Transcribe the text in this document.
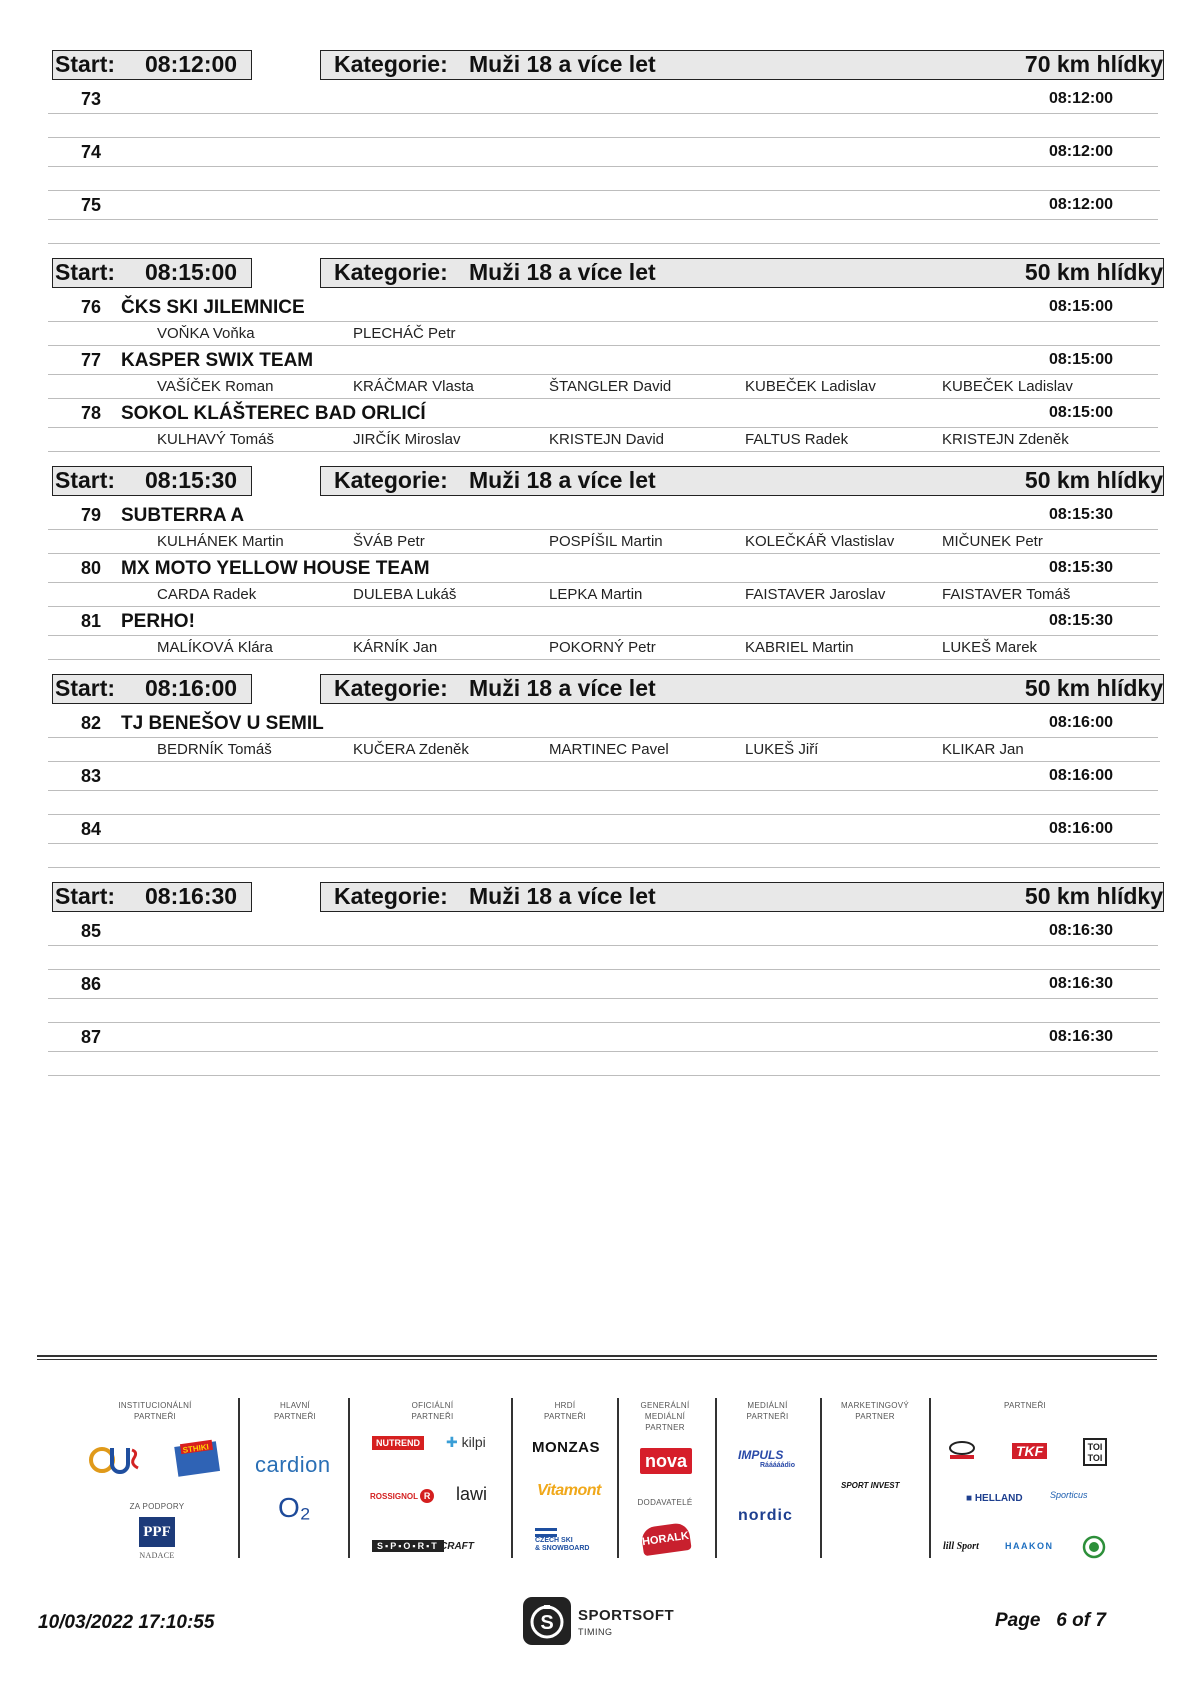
Start: 08:12:00	Kategorie: Muži 18 a více let	70 km hlídky
73	08:12:00
74	08:12:00
75	08:12:00
Start: 08:15:00	Kategorie: Muži 18 a více let	50 km hlídky
76 ČKS SKI JILEMNICE	08:15:00
VOŇKA Voňka	PLECHÁČ Petr
77 KASPER SWIX TEAM	08:15:00
VAŠÍČEK Roman	KRÁČMAR Vlasta	ŠTANGLER David	KUBEČEK Ladislav	KUBEČEK Ladislav
78 SOKOL KLÁŠTEREC BAD ORLICÍ	08:15:00
KULHAVÝ Tomáš	JIRČÍK Miroslav	KRISTEJN David	FALTUS Radek	KRISTEJN Zdeněk
Start: 08:15:30	Kategorie: Muži 18 a více let	50 km hlídky
79 SUBTERRA A	08:15:30
KULHÁNEK Martin	ŠVÁB Petr	POSPÍŠIL Martin	KOLEČKÁŘ Vlastislav	MIČUNEK Petr
80 MX MOTO YELLOW HOUSE TEAM	08:15:30
CARDA Radek	DULEBA Lukáš	LEPKA Martin	FAISTAVER Jaroslav	FAISTAVER Tomáš
81 PERHO!	08:15:30
MALÍKOVÁ Klára	KÁRNÍK Jan	POKORNÝ Petr	KABRIEL Martin	LUKEŠ Marek
Start: 08:16:00	Kategorie: Muži 18 a více let	50 km hlídky
82 TJ BENEŠOV U SEMIL	08:16:00
BEDRNÍK Tomáš	KUČERA Zdeněk	MARTINEC Pavel	LUKEŠ Jiří	KLIKAR Jan
83	08:16:00
84	08:16:00
Start: 08:16:30	Kategorie: Muži 18 a více let	50 km hlídky
85	08:16:30
86	08:16:30
87	08:16:30
INSTITUCIONÁLNÍ
PARTNEŘI
HLAVNÍ
PARTNEŘI
OFICIÁLNÍ
PARTNEŘI
HRDÍ
PARTNEŘI
GENERÁLNÍ
MEDIÁLNÍ
PARTNER
MEDIÁLNÍ
PARTNEŘI
MARKETINGOVÝ
PARTNER
PARTNEŘI
STHIKI
ZA PODPORY
PPF
NADACE
cardion
O₂
NUTREND ✚ kilpi
ROSSIGNOL R lawi
S▪P▪O▪R▪T CRAFT
MONZAS
Vitamont
CZECH SKI
& SNOWBOARD
nova
DODAVATELÉ
HORALKY
IMPULS
Rááááádio
nordic
SPORT INVEST
TKF	TOI TOI
■ HELLAND	Sporticus
lill Sport	HAAKON
10/03/2022 17:10:55	S SPORTSOFT
TIMING
Page 6 of 7
